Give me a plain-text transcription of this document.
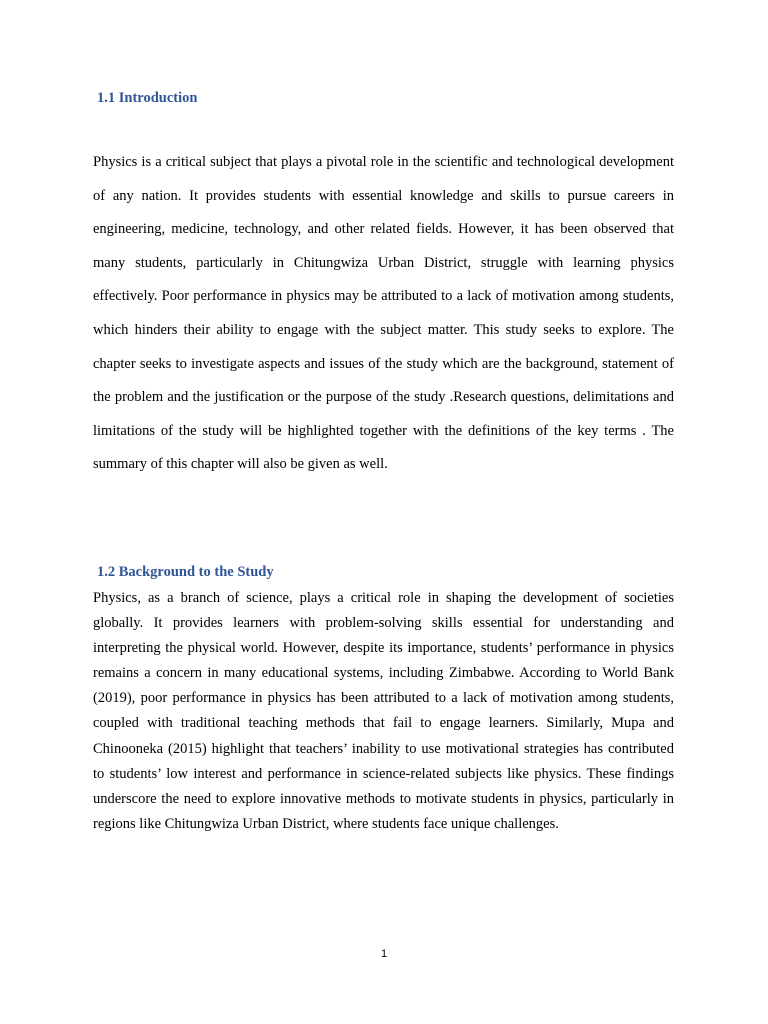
1.1 Introduction

Physics is a critical subject that plays a pivotal role in the scientific and technological development of any nation. It provides students with essential knowledge and skills to pursue careers in engineering, medicine, technology, and other related fields. However, it has been observed that many students, particularly in Chitungwiza Urban District, struggle with learning physics effectively. Poor performance in physics may be attributed to a lack of motivation among students, which hinders their ability to engage with the subject matter. This study seeks to explore. The chapter seeks to investigate aspects and issues of the study which are the background, statement of the problem and the justification or the purpose of the study .Research questions, delimitations and limitations of the study will be highlighted together with the definitions of the key terms . The summary of this chapter will also be given as well.

1.2 Background to the Study

Physics, as a branch of science, plays a critical role in shaping the development of societies globally. It provides learners with problem-solving skills essential for understanding and interpreting the physical world. However, despite its importance, students’ performance in physics remains a concern in many educational systems, including Zimbabwe. According to World Bank (2019), poor performance in physics has been attributed to a lack of motivation among students, coupled with traditional teaching methods that fail to engage learners. Similarly, Mupa and Chinooneka (2015) highlight that teachers’ inability to use motivational strategies has contributed to students’ low interest and performance in science-related subjects like physics. These findings underscore the need to explore innovative methods to motivate students in physics, particularly in regions like Chitungwiza Urban District, where students face unique challenges.

1
